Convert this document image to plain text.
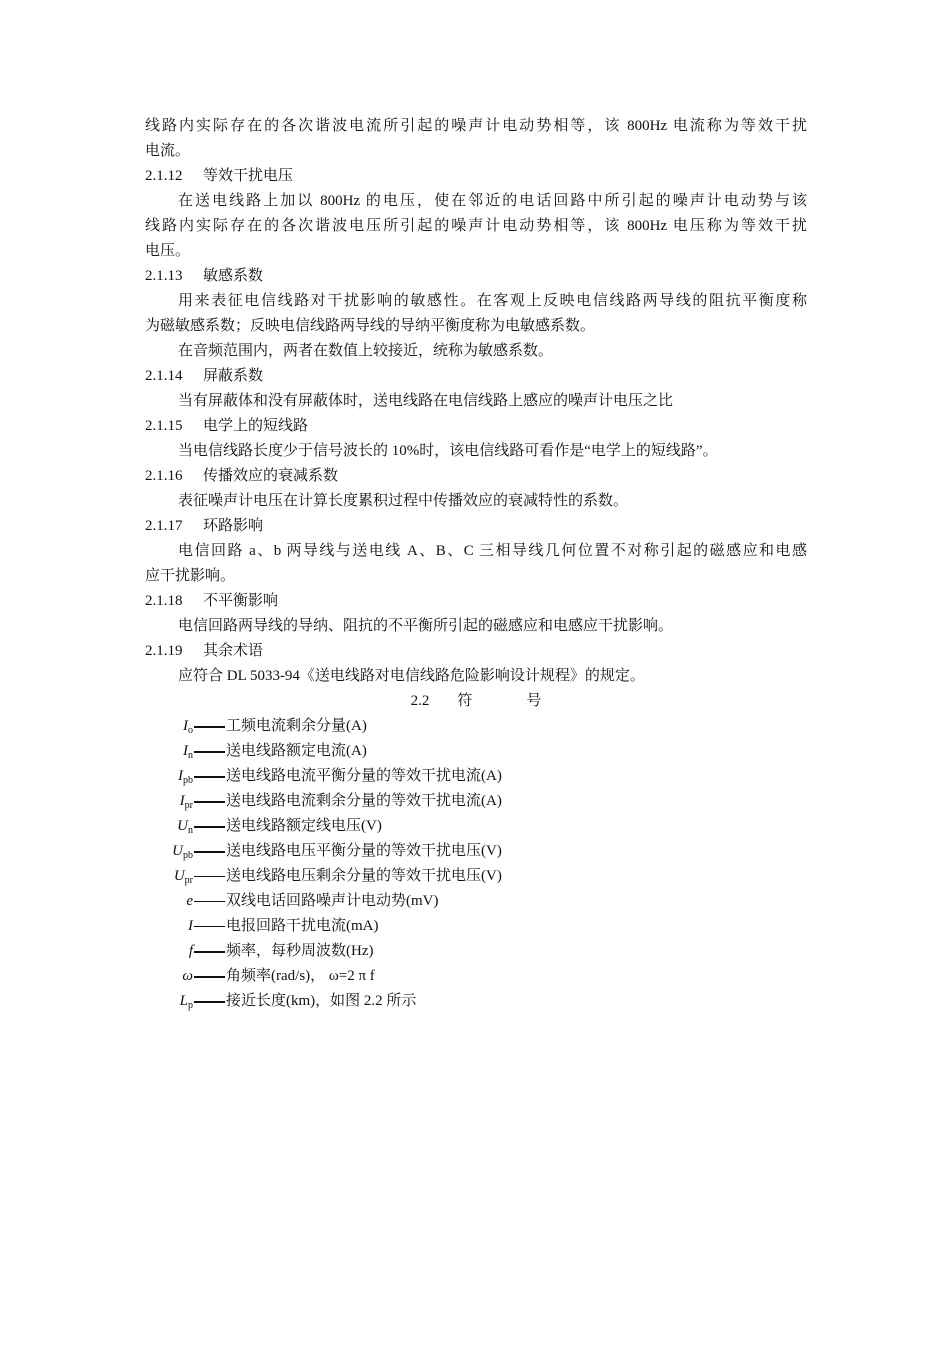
线路内实际存在的各次谐波电流所引起的噪声计电动势相等，该 800Hz 电流称为等效干扰
电流。
2.1.12 等效干扰电压
在送电线路上加以 800Hz 的电压，使在邻近的电话回路中所引起的噪声计电动势与该
线路内实际存在的各次谐波电压所引起的噪声计电动势相等，该 800Hz 电压称为等效干扰
电压。
2.1.13 敏感系数
用来表征电信线路对干扰影响的敏感性。在客观上反映电信线路两导线的阻抗平衡度称
为磁敏感系数；反映电信线路两导线的导纳平衡度称为电敏感系数。
在音频范围内，两者在数值上较接近，统称为敏感系数。
2.1.14 屏蔽系数
当有屏蔽体和没有屏蔽体时，送电线路在电信线路上感应的噪声计电压之比
2.1.15 电学上的短线路
当电信线路长度少于信号波长的 10%时，该电信线路可看作是“电学上的短线路”。
2.1.16 传播效应的衰减系数
表征噪声计电压在计算长度累积过程中传播效应的衰减特性的系数。
2.1.17 环路影响
电信回路 a、b 两导线与送电线 A、B、C 三相导线几何位置不对称引起的磁感应和电感
应干扰影响。
2.1.18 不平衡影响
电信回路两导线的导纳、阻抗的不平衡所引起的磁感应和电感应干扰影响。
2.1.19 其余术语
应符合 DL 5033-94《送电线路对电信线路危险影响设计规程》的规定。
2.2 符	号
$I_o$ 工频电流剩余分量(A)
$I_n$ 送电线路额定电流(A)
$I_{pb}$ 送电线路电流平衡分量的等效干扰电流(A)
$I_{pr}$ 送电线路电流剩余分量的等效干扰电流(A)
$U_n$ 送电线路额定线电压(V)
$U_{pb}$ 送电线路电压平衡分量的等效干扰电压(V)
$U_{pr}$ 送电线路电压剩余分量的等效干扰电压(V)
e 双线电话回路噪声计电动势(mV)
I 电报回路干扰电流(mA)
f 频率，每秒周波数(Hz)
ω 角频率(rad/s)， ω=2 π f
$L_p$ 接近长度(km)，如图 2.2 所示
